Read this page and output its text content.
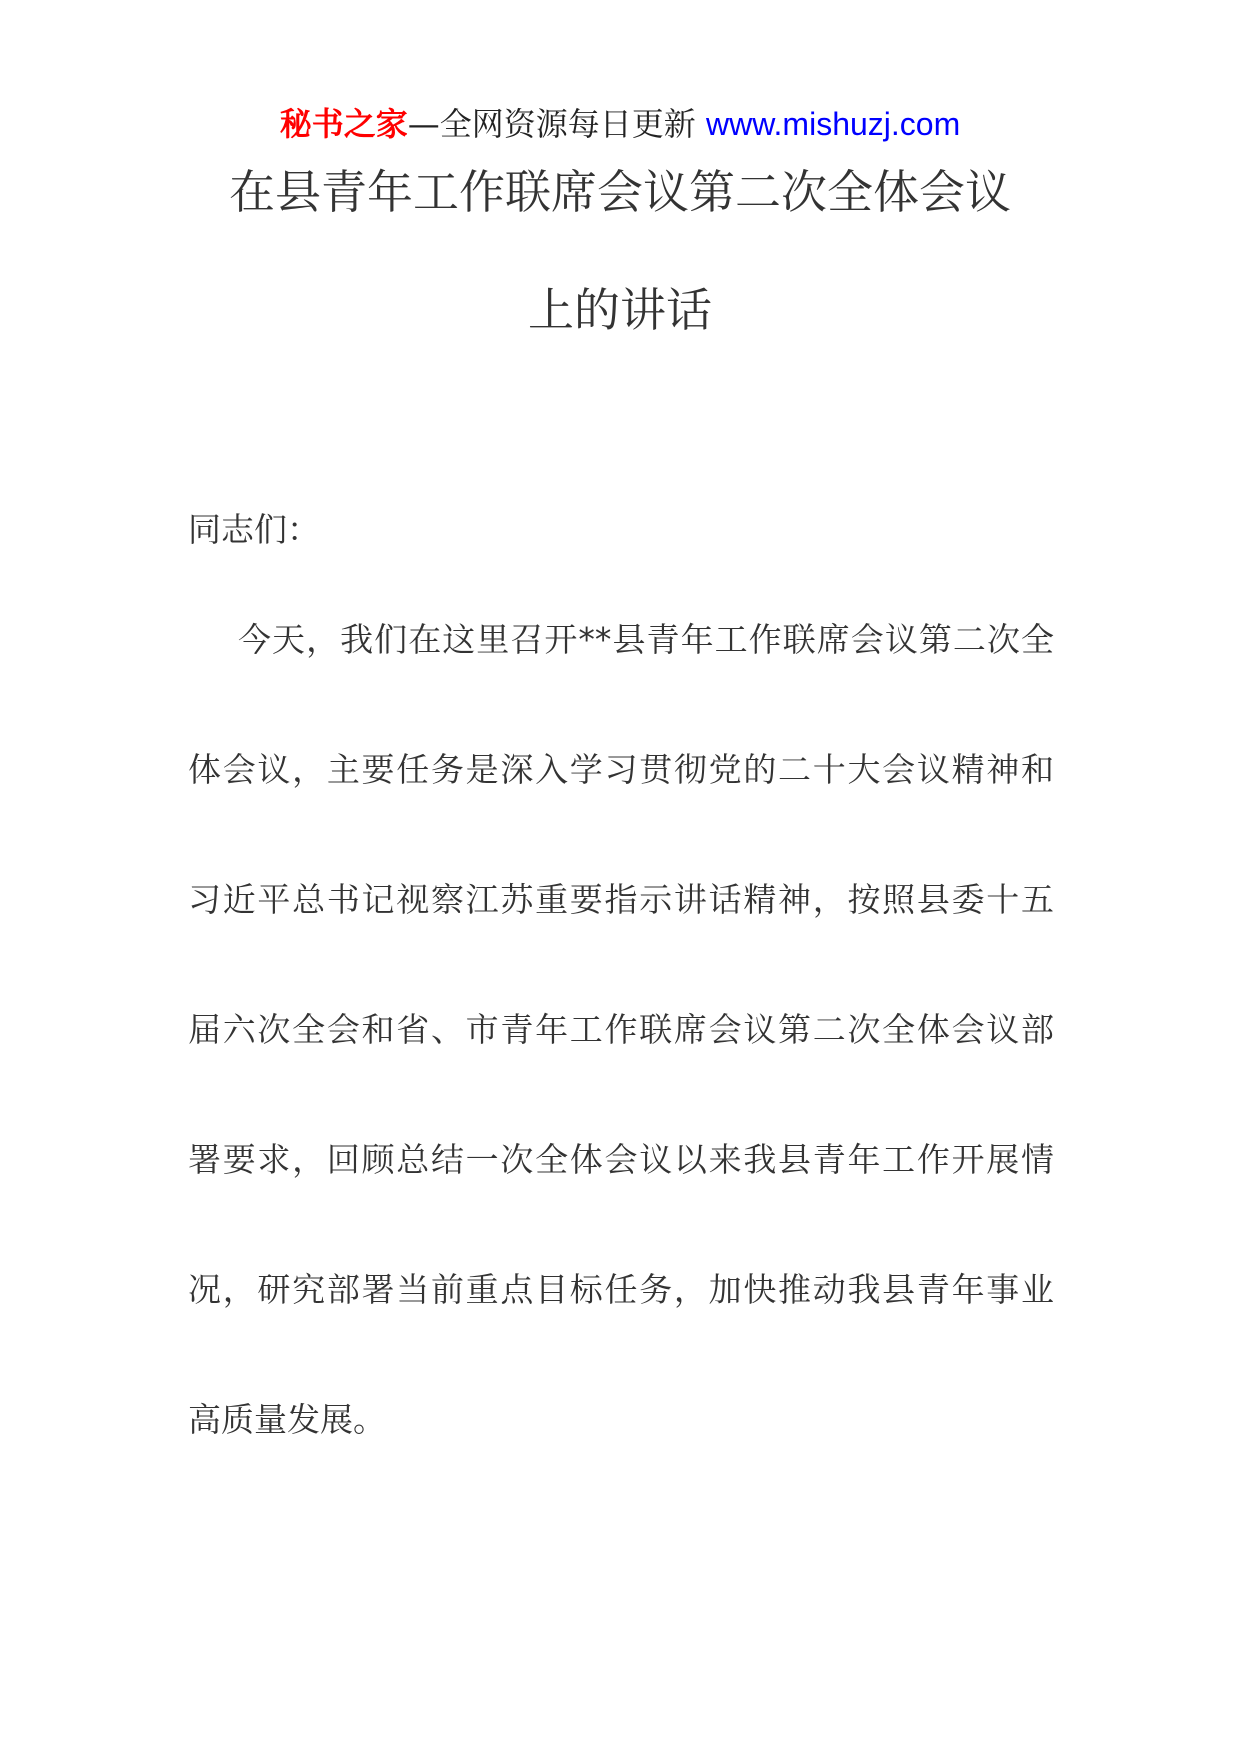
秘书之家—全网资源每日更新 www.mishuzj.com
在县青年工作联席会议第二次全体会议
上的讲话
同志们：
今天，我们在这里召开**县青年工作联席会议第二次全
体会议，主要任务是深入学习贯彻党的二十大会议精神和
习近平总书记视察江苏重要指示讲话精神，按照县委十五
届六次全会和省、市青年工作联席会议第二次全体会议部
署要求，回顾总结一次全体会议以来我县青年工作开展情
况，研究部署当前重点目标任务，加快推动我县青年事业
高质量发展。
